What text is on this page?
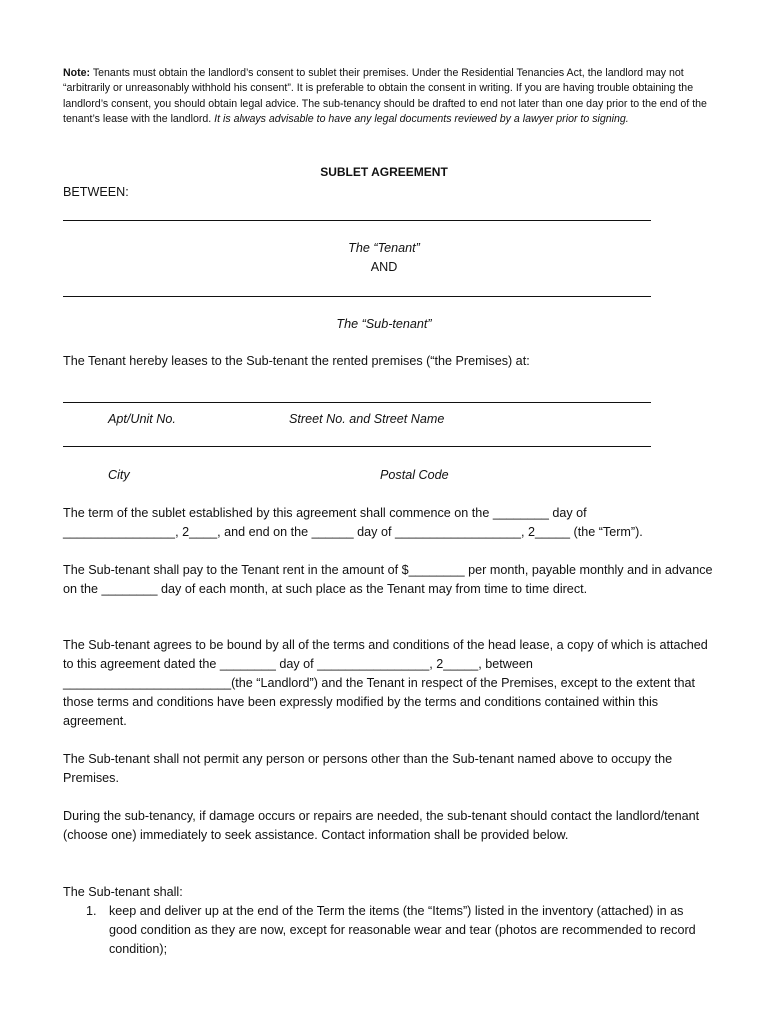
Note: Tenants must obtain the landlord’s consent to sublet their premises. Under the Residential Tenancies Act, the landlord may not “arbitrarily or unreasonably withhold his consent”. It is preferable to obtain the consent in writing. If you are having trouble obtaining the landlord’s consent, you should obtain legal advice. The sub-tenancy should be drafted to end not later than one day prior to the end of the tenant’s lease with the landlord. It is always advisable to have any legal documents reviewed by a lawyer prior to signing.
SUBLET AGREEMENT
BETWEEN:
The “Tenant”
AND
The “Sub-tenant”
The Tenant hereby leases to the Sub-tenant the rented premises (“the Premises) at:
Apt/Unit No.	Street No. and Street Name
City	Postal Code
The term of the sublet established by this agreement shall commence on the ________ day of
________________, 2____, and end on the ______ day of __________________, 2_____ (the “Term”).
The Sub-tenant shall pay to the Tenant rent in the amount of $________ per month, payable monthly and in advance on the ________ day of each month, at such place as the Tenant may from time to time direct.
The Sub-tenant agrees to be bound by all of the terms and conditions of the head lease, a copy of which is attached to this agreement dated the ________ day of ________________, 2_____, between ________________________(the “Landlord”) and the Tenant in respect of the Premises, except to the extent that those terms and conditions have been expressly modified by the terms and conditions contained within this agreement.
The Sub-tenant shall not permit any person or persons other than the Sub-tenant named above to occupy the Premises.
During the sub-tenancy, if damage occurs or repairs are needed, the sub-tenant should contact the landlord/tenant (choose one) immediately to seek assistance. Contact information shall be provided below.
The Sub-tenant shall:
1. keep and deliver up at the end of the Term the items (the “Items”) listed in the inventory (attached) in as good condition as they are now, except for reasonable wear and tear (photos are recommended to record condition);
